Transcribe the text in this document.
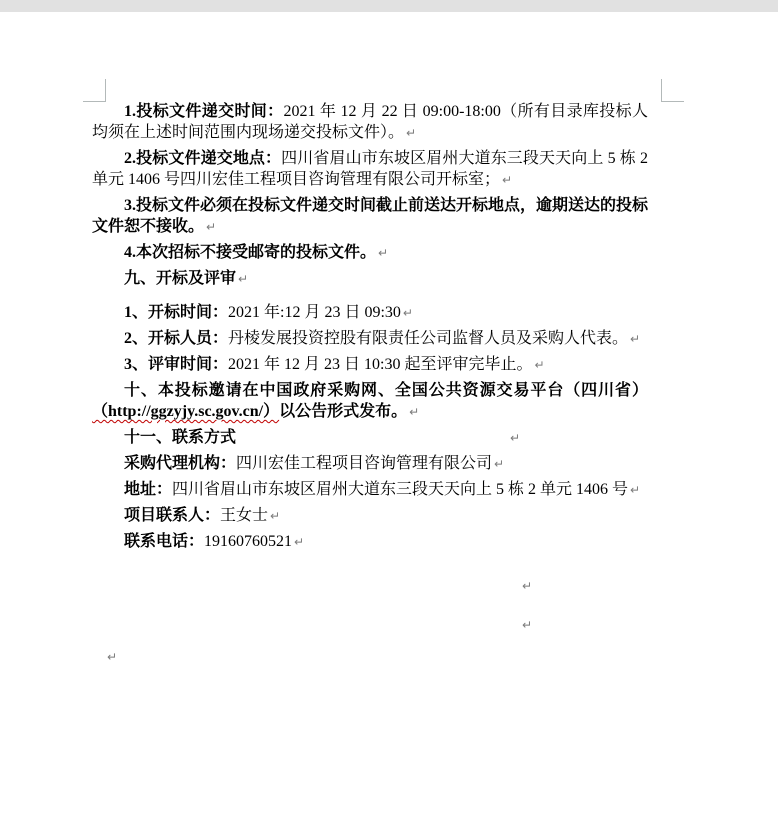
1.投标文件递交时间：2021 年 12 月 22 日 09:00-18:00（所有目录库投标人均须在上述时间范围内现场递交投标文件）。 ↵
2.投标文件递交地点：四川省眉山市东坡区眉州大道东三段天天向上 5 栋 2 单元 1406 号四川宏佳工程项目咨询管理有限公司开标室； ↵
3.投标文件必须在投标文件递交时间截止前送达开标地点，逾期送达的投标文件恕不接收。 ↵
4.本次招标不接受邮寄的投标文件。 ↵
九、开标及评审 ↵
1、开标时间：2021 年:12 月 23 日 09:30 ↵
2、开标人员：丹棱发展投资控股有限责任公司监督人员及采购人代表。 ↵
3、评审时间：2021 年 12 月 23 日 10:30 起至评审完毕止。 ↵
十、本投标邀请在中国政府采购网、全国公共资源交易平台（四川省）（http://ggzyjy.sc.gov.cn/）以公告形式发布。 ↵
十一、联系方式　　　　　　　　　　　　　　　　　	↵
采购代理机构：四川宏佳工程项目咨询管理有限公司 ↵
地址：四川省眉山市东坡区眉州大道东三段天天向上 5 栋 2 单元 1406 号 ↵
项目联系人：王女士 ↵
联系电话：19160760521 ↵
↵
↵
↵
